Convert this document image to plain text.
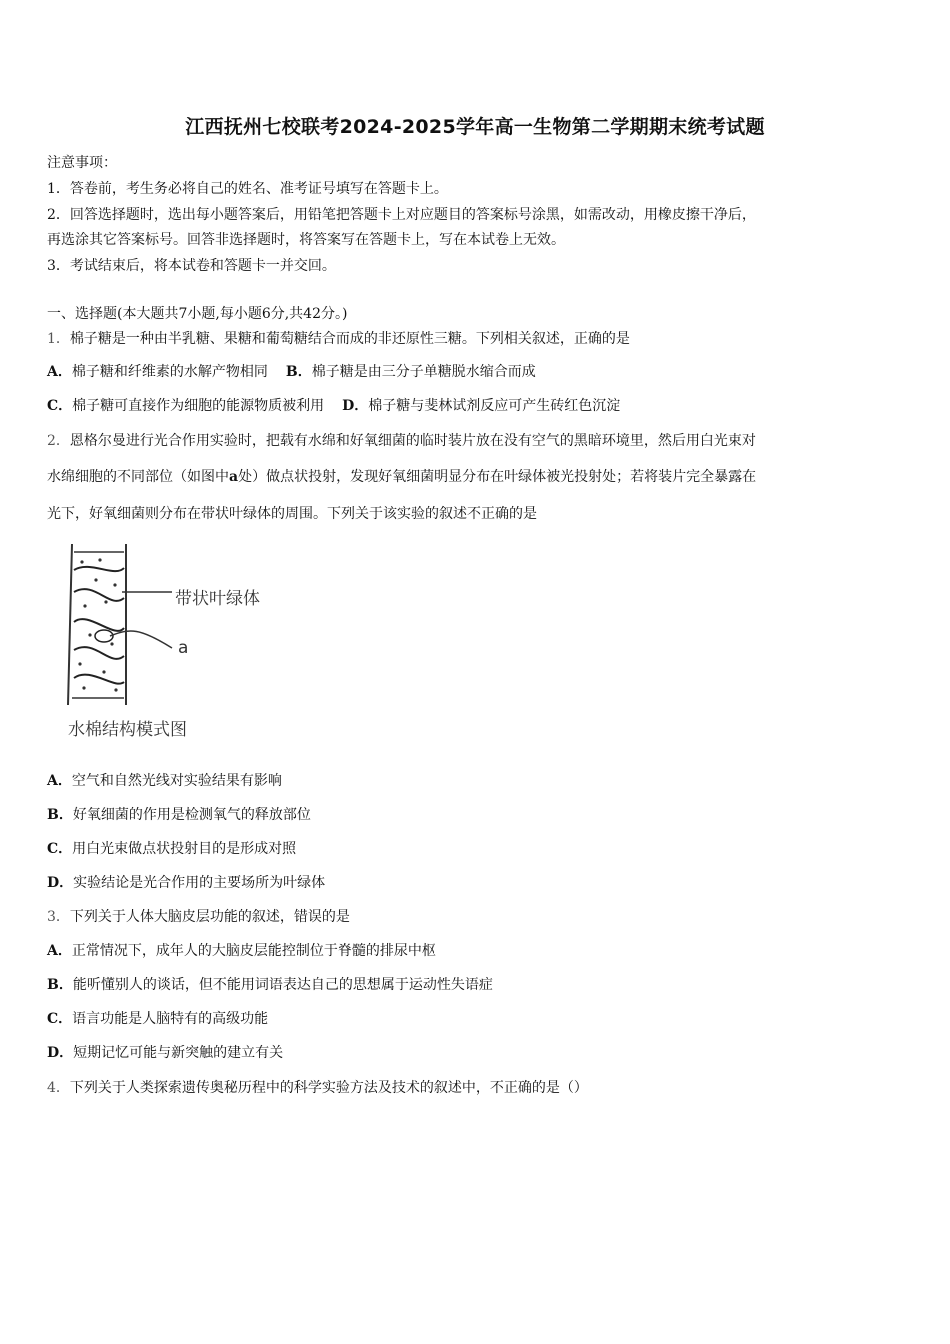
江西抚州七校联考2024-2025学年高一生物第二学期期末统考试题
注意事项：
1．答卷前，考生务必将自己的姓名、准考证号填写在答题卡上。
2．回答选择题时，选出每小题答案后，用铅笔把答题卡上对应题目的答案标号涂黑，如需改动，用橡皮擦干净后，
再选涂其它答案标号。回答非选择题时，将答案写在答题卡上，写在本试卷上无效。
3．考试结束后，将本试卷和答题卡一并交回。
一、选择题(本大题共7小题,每小题6分,共42分。)
1．棉子糖是一种由半乳糖、果糖和葡萄糖结合而成的非还原性三糖。下列相关叙述，正确的是
A．棉子糖和纤维素的水解产物相同 B．棉子糖是由三分子单糖脱水缩合而成
C．棉子糖可直接作为细胞的能源物质被利用 D．棉子糖与斐林试剂反应可产生砖红色沉淀
2．恩格尔曼进行光合作用实验时，把载有水绵和好氧细菌的临时装片放在没有空气的黑暗环境里，然后用白光束对
水绵细胞的不同部位（如图中a处）做点状投射，发现好氧细菌明显分布在叶绿体被光投射处；若将装片完全暴露在
光下，好氧细菌则分布在带状叶绿体的周围。下列关于该实验的叙述不正确的是
带状叶绿体
a
水棉结构模式图
A．空气和自然光线对实验结果有影响
B．好氧细菌的作用是检测氧气的释放部位
C．用白光束做点状投射目的是形成对照
D．实验结论是光合作用的主要场所为叶绿体
3．下列关于人体大脑皮层功能的叙述，错误的是
A．正常情况下，成年人的大脑皮层能控制位于脊髓的排尿中枢
B．能听懂别人的谈话，但不能用词语表达自己的思想属于运动性失语症
C．语言功能是人脑特有的高级功能
D．短期记忆可能与新突触的建立有关
4．下列关于人类探索遗传奥秘历程中的科学实验方法及技术的叙述中，不正确的是（）
